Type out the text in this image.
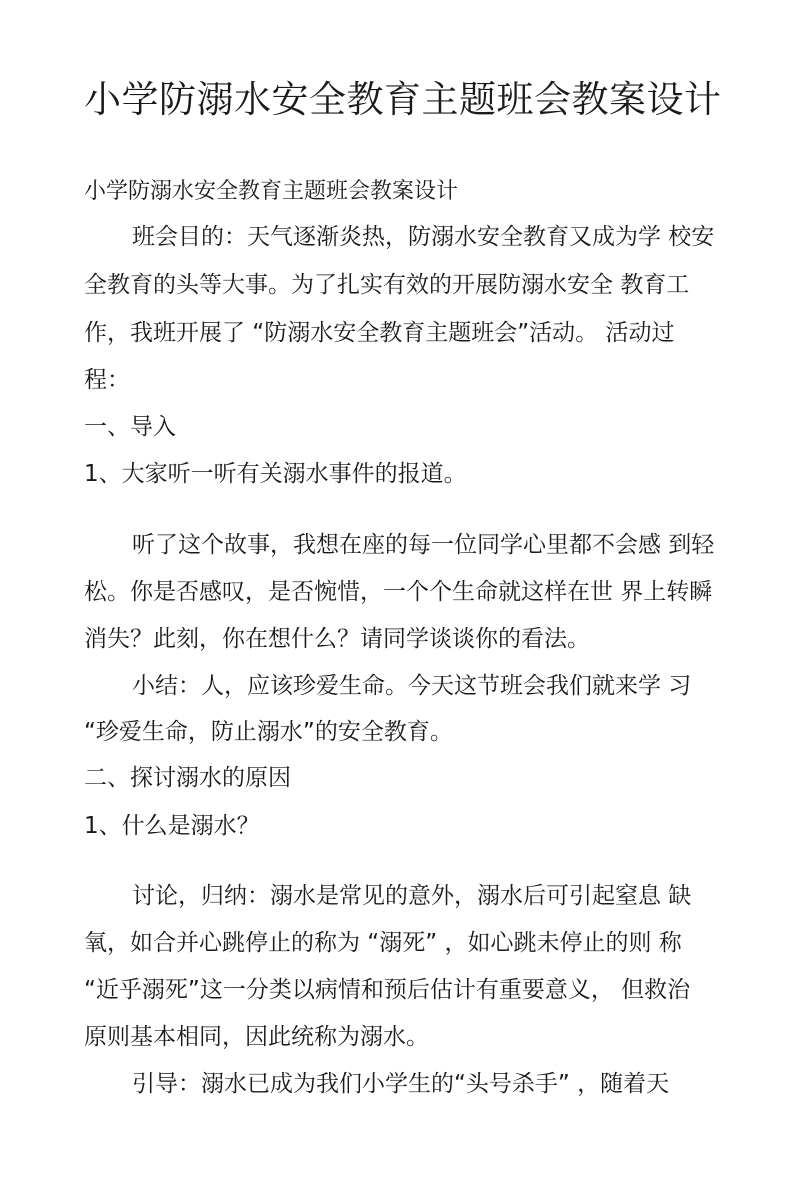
小学防溺水安全教育主题班会教案设计
小学防溺水安全教育主题班会教案设计
班会目的：天气逐渐炎热，防溺水安全教育又成为学 校安
全教育的头等大事。为了扎实有效的开展防溺水安全 教育工
作，我班开展了 “防溺水安全教育主题班会”活动。 活动过
程：
一、导入
1、大家听一听有关溺水事件的报道。
听了这个故事，我想在座的每一位同学心里都不会感 到轻
松。你是否感叹，是否惋惜，一个个生命就这样在世 界上转瞬
消失？此刻，你在想什么？请同学谈谈你的看法。
小结：人，应该珍爱生命。今天这节班会我们就来学 习
“珍爱生命，防止溺水”的安全教育。
二、探讨溺水的原因
1、什么是溺水？
讨论，归纳：溺水是常见的意外，溺水后可引起窒息 缺
氧，如合并心跳停止的称为 “溺死” ，如心跳未停止的则 称
“近乎溺死”这一分类以病情和预后估计有重要意义， 但救治
原则基本相同，因此统称为溺水。
引导：溺水已成为我们小学生的“头号杀手” ，随着天
